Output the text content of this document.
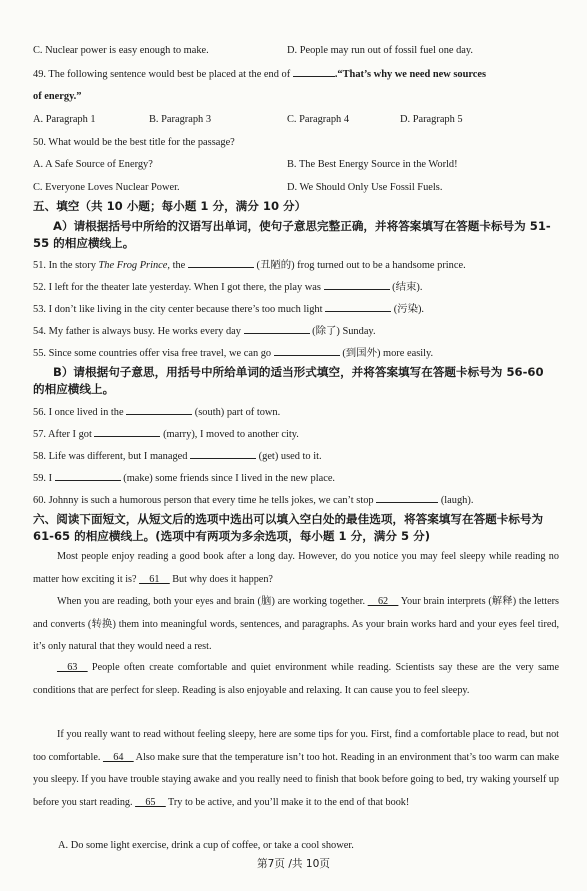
C. Nuclear power is easy enough to make.	D. People may run out of fossil fuel one day.
49. The following sentence would best be placed at the end of	.“That’s why we need new sources
of energy.”
A. Paragraph 1	B. Paragraph 3	C. Paragraph 4	D. Paragraph 5
50. What would be the best title for the passage?
A. A Safe Source of Energy?	B. The Best Energy Source in the World!
C. Everyone Loves Nuclear Power.	D. We Should Only Use Fossil Fuels.
五、填空（共 10 小题；每小题 1 分，满分 10 分）
A）请根据括号中所给的汉语写出单词，使句子意思完整正确，并将答案填写在答题卡标号为 51-55 的相应横线上。
51. In the story The Frog Prince, the	(丑陋的) frog turned out to be a handsome prince.
52. I left for the theater late yesterday. When I got there, the play was	(结束).
53. I don’t like living in the city center because there’s too much light	(污染).
54. My father is always busy. He works every day	(除了) Sunday.
55. Since some countries offer visa free travel, we can go	(到国外) more easily.
B）请根据句子意思，用括号中所给单词的适当形式填空，并将答案填写在答题卡标号为 56-60 的相应横线上。
56. I once lived in the	(south) part of town.
57. After I got	(marry), I moved to another city.
58. Life was different, but I managed	(get) used to it.
59. I	(make) some friends since I lived in the new place.
60. Johnny is such a humorous person that every time he tells jokes, we can’t stop	(laugh).
六、阅读下面短文，从短文后的选项中选出可以填入空白处的最佳选项，将答案填写在答题卡标号为 61-65 的相应横线上。(选项中有两项为多余选项，每小题 1 分，满分 5 分)
Most people enjoy reading a good book after a long day. However, do you notice you may feel sleepy while reading no matter how exciting it is? __61__ But why does it happen?
When you are reading, both your eyes and brain (脑) are working together. __62__ Your brain interprets (解释) the letters and converts (转换) them into meaningful words, sentences, and paragraphs. As your brain works hard and your eyes feel tired, it’s only natural that they would need a rest.
__63__ People often create comfortable and quiet environment while reading. Scientists say these are the very same conditions that are perfect for sleep. Reading is also enjoyable and relaxing. It can cause you to feel sleepy.
If you really want to read without feeling sleepy, here are some tips for you. First, find a comfortable place to read, but not too comfortable. __64__ Also make sure that the temperature isn’t too hot. Reading in an environment that’s too warm can make you sleepy. If you have trouble staying awake and you really need to finish that book before going to bed, try waking yourself up before you start reading. __65__ Try to be active, and you’ll make it to the end of that book!
A. Do some light exercise, drink a cup of coffee, or take a cool shower.
第7页 /共 10页
